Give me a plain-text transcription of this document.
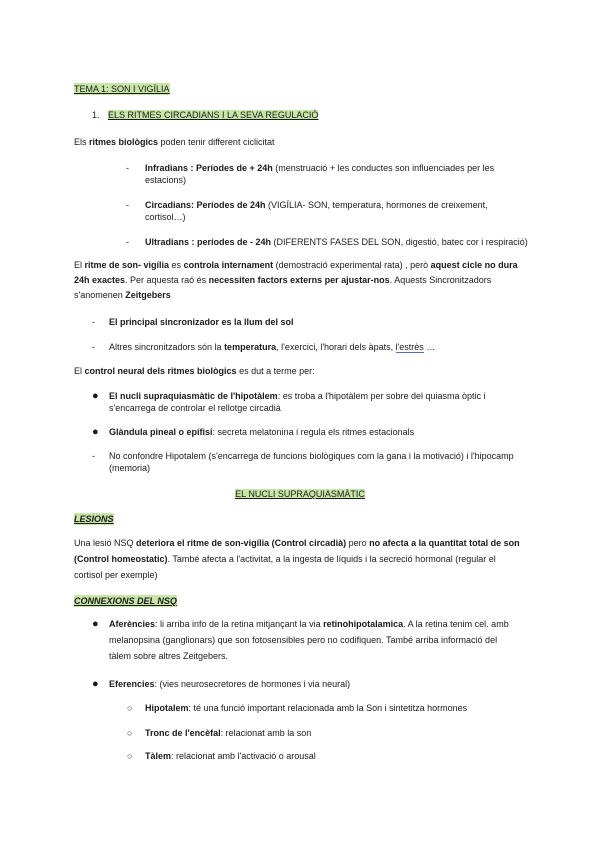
TEMA 1: SON I VIGÍLIA
1. ELS RITMES CIRCADIANS I LA SEVA REGULACIÓ
Els ritmes biològics poden tenir different ciclicitat
- Infradians : Períodes de + 24h (menstruació + les conductes son influenciades per les
estacions)
- Circadians: Períodes de 24h (VIGÍLIA- SON, temperatura, hormones de creixement,
cortisol…)
- Ultradians : períodes de - 24h (DIFERENTS FASES DEL SON, digestió, batec cor i respiració)
El ritme de son- vigília es controla internament (demostració experimental rata) , però aquest cicle no dura
24h exactes. Per aquesta raó és necessiten factors externs per ajustar-nos. Aquests Sincronitzadors
s'anomenen Zeitgebers
- El principal sincronizador es la llum del sol
- Altres sincronitzadors són la temperatura, l'exercici, l'horari dels àpats, l'estrès …
El control neural dels ritmes biològics es dut a terme per:
● El nucli supraquiasmàtic de l'hipotàlem: es troba a l'hipotàlem per sobre del quiasma òptic i
s'encarrega de controlar el rellotge circadià
● Glàndula pineal o epífisi: secreta melatonina i regula els ritmes estacionals
- No confondre Hipotalem (s'encarrega de funcions biològiques com la gana i la motivació) i l'hipocamp
(memoria)
EL NUCLI SUPRAQUIASMÀTIC
LESIONS
Una lesió NSQ deteriora el ritme de son-vigília (Control circadià) pero no afecta a la quantitat total de son
(Control homeostatic). També afecta a l'activitat, a la ingesta de líquids i la secreció hormonal (regular el
cortisol per exemple)
CONNEXIONS DEL NSQ
● Aferències: li arriba info de la retina mitjançant la via retinohipotalamica. A la retina tenim cel. amb
melanopsina (ganglionars) que son fotosensibles pero no codifiquen. També arriba informació del
tàlem sobre altres Zeitgebers.
● Eferencies: (vies neurosecretores de hormones i via neural)
○ Hipotalem: té una funció important relacionada amb la Son i sintetitza hormones
○ Tronc de l'encèfal: relacionat amb la son
○ Tàlem: relacionat amb l'activació o arousal
